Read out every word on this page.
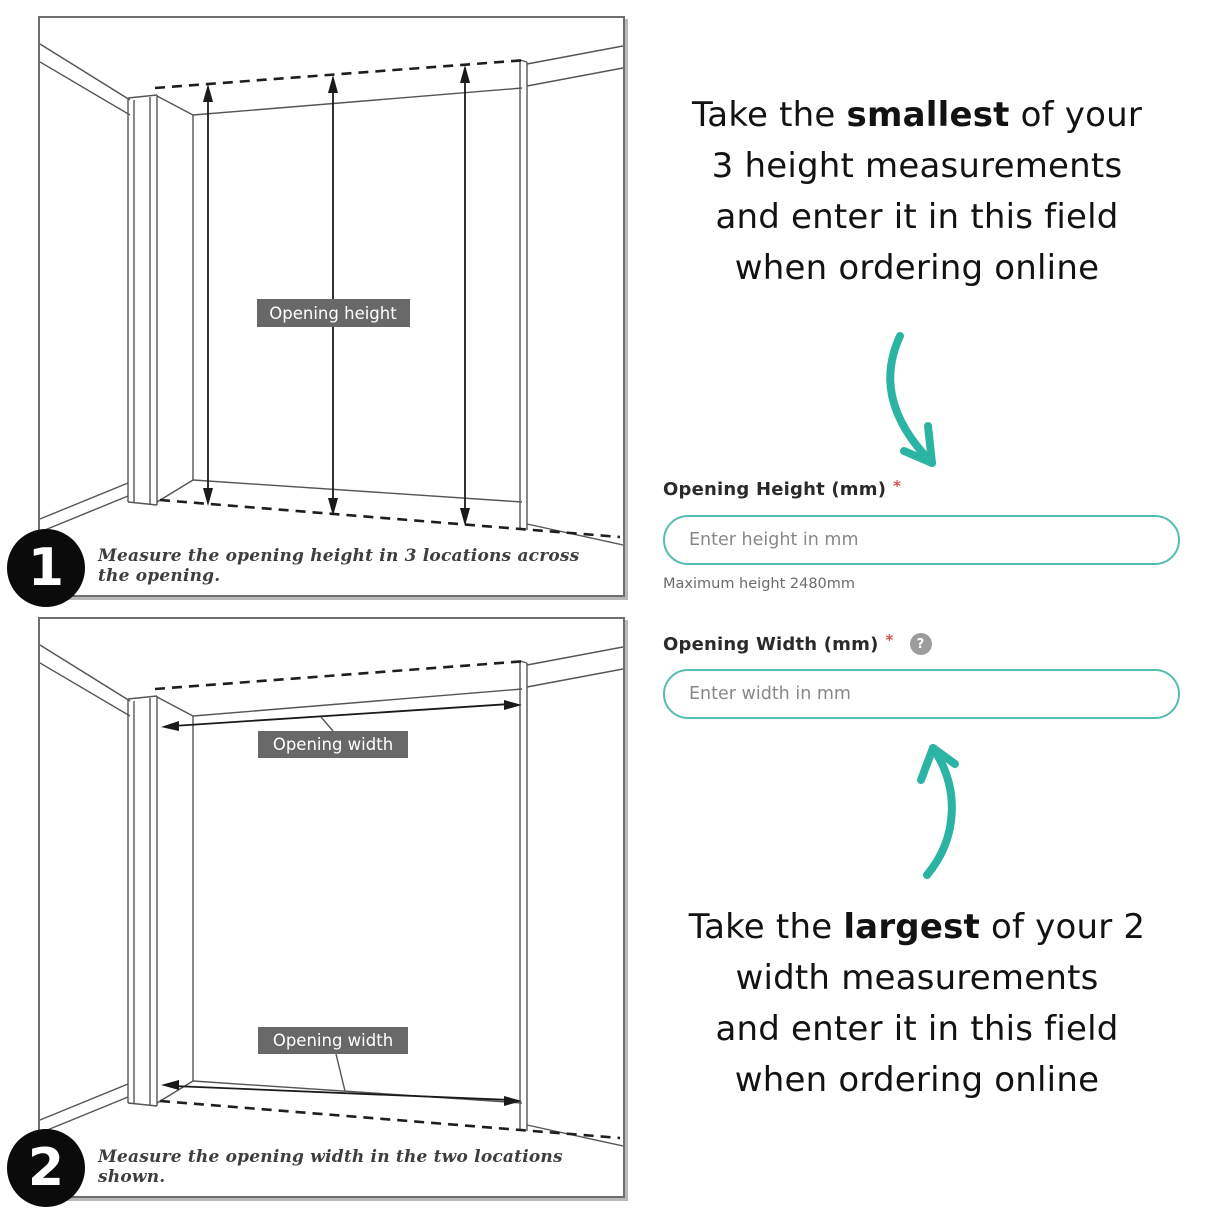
Opening height
Measure the opening height in 3 locations across the opening.
1
Opening width
Opening width
Measure the opening width in the two locations shown.
2
Take the smallest of your
3 height measurements
and enter it in this field
when ordering online
Opening Height (mm) *
Enter height in mm
Maximum height 2480mm
Opening Width (mm) *	?
Enter width in mm
Take the largest of your 2
width measurements
and enter it in this field
when ordering online
